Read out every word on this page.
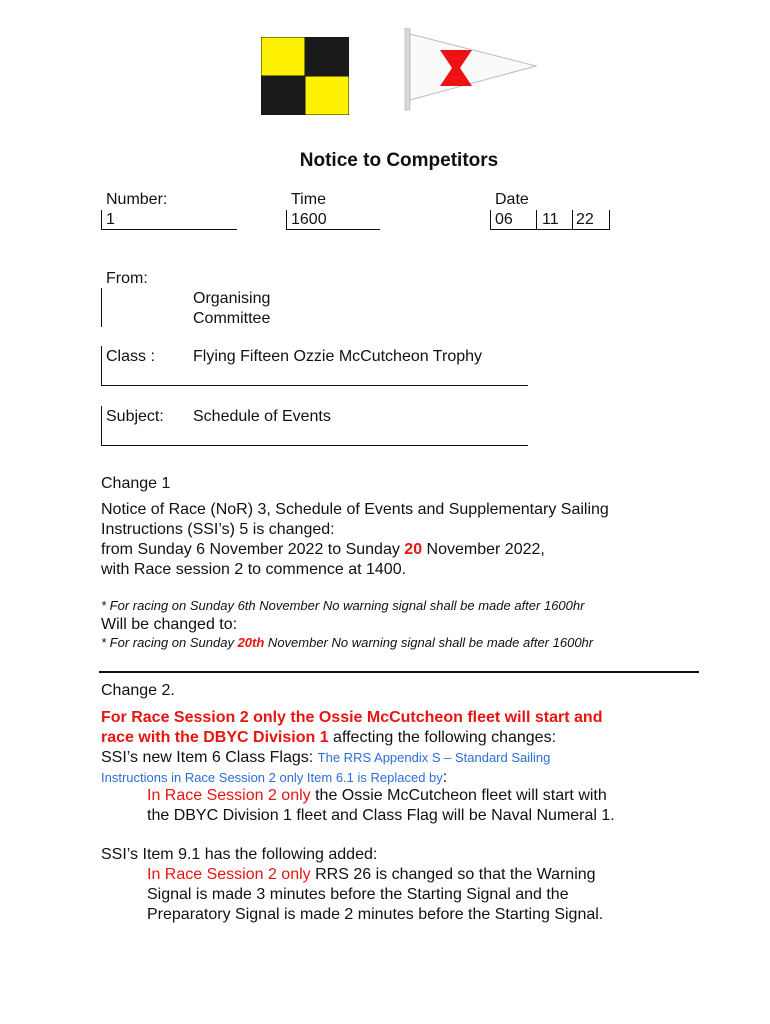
Notice to Competitors
Number:
1
Time
1600
Date
06 11 22
From:
Organising
Committee
Class : Flying Fifteen Ozzie McCutcheon Trophy
Subject: Schedule of Events
Change 1
Notice of Race (NoR) 3, Schedule of Events and Supplementary Sailing
Instructions (SSI’s) 5 is changed:
from Sunday 6 November 2022 to Sunday 20 November 2022,
with Race session 2 to commence at 1400.
* For racing on Sunday 6th November No warning signal shall be made after 1600hr
Will be changed to:
* For racing on Sunday 20th November No warning signal shall be made after 1600hr
Change 2.
For Race Session 2 only the Ossie McCutcheon fleet will start and
race with the DBYC Division 1 affecting the following changes:
SSI’s new Item 6 Class Flags: The RRS Appendix S – Standard Sailing
Instructions in Race Session 2 only Item 6.1 is Replaced by:
In Race Session 2 only the Ossie McCutcheon fleet will start with
the DBYC Division 1 fleet and Class Flag will be Naval Numeral 1.
SSI’s Item 9.1 has the following added:
In Race Session 2 only RRS 26 is changed so that the Warning
Signal is made 3 minutes before the Starting Signal and the
Preparatory Signal is made 2 minutes before the Starting Signal.
